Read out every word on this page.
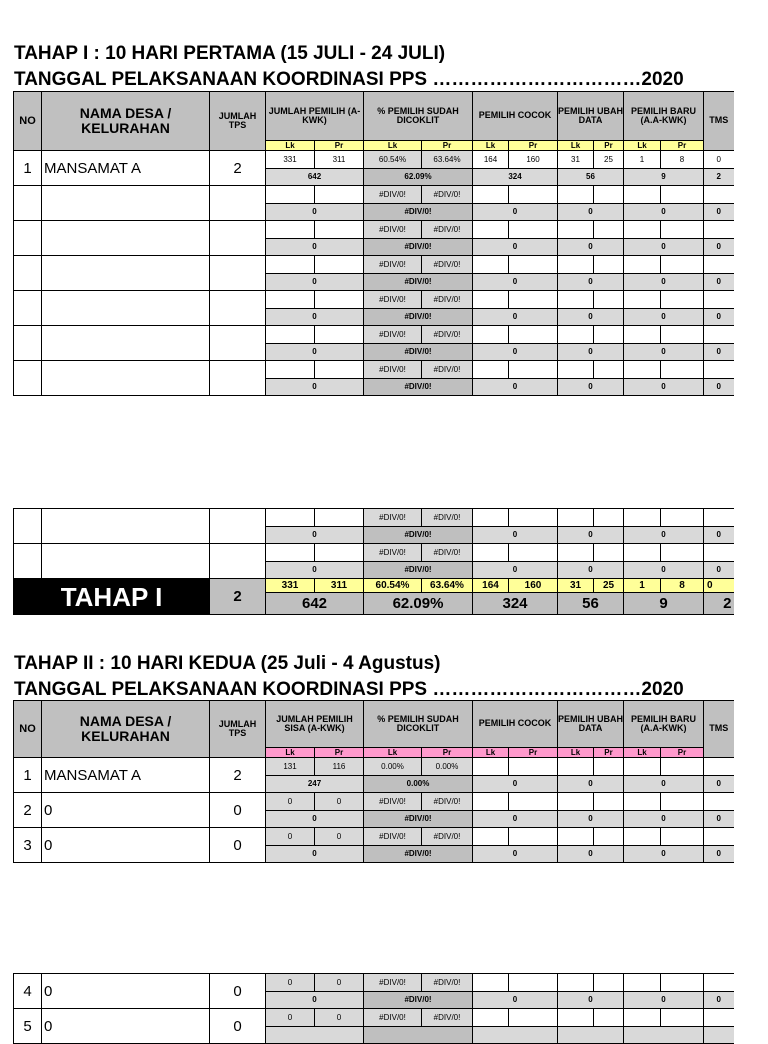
TAHAP I : 10 HARI PERTAMA (15 JULI - 24 JULI)
TANGGAL PELAKSANAAN KOORDINASI PPS ……………………………2020
NO	NAMA DESA / KELURAHAN	JUMLAH TPS	JUMLAH PEMILIH (A-KWK)		% PEMILIH SUDAH DICOKLIT		PEMILIH COCOK		PEMILIH UBAH DATA		PEMILIH BARU (A.A-KWK)		TMS
			Lk	Pr	Lk	Pr	Lk	Pr	Lk	Pr	Lk	Pr	
1	MANSAMAT A	2	331	311	60.54%	63.64%	164	160	31	25	1	8	0
			642		62.09%		324		56		9		2
					#DIV/0!	#DIV/0!							
			0		#DIV/0!		0		0		0		0
					#DIV/0!	#DIV/0!							
			0		#DIV/0!		0		0		0		0
					#DIV/0!	#DIV/0!							
			0		#DIV/0!		0		0		0		0
					#DIV/0!	#DIV/0!							
			0		#DIV/0!		0		0		0		0
					#DIV/0!	#DIV/0!							
			0		#DIV/0!		0		0		0		0
					#DIV/0!	#DIV/0!							
			0		#DIV/0!		0		0		0		0
					#DIV/0!	#DIV/0!							
			0		#DIV/0!		0		0		0		0
					#DIV/0!	#DIV/0!							
			0		#DIV/0!		0		0		0		0
TAHAP I		2	331	311	60.54%	63.64%	164	160	31	25	1	8	0
			642		62.09%		324		56		9		2
TAHAP II : 10 HARI KEDUA (25 Juli - 4 Agustus)
TANGGAL PELAKSANAAN KOORDINASI PPS ……………………………2020
NO	NAMA DESA / KELURAHAN	JUMLAH TPS	JUMLAH PEMILIH SISA (A-KWK)		% PEMILIH SUDAH DICOKLIT		PEMILIH COCOK		PEMILIH UBAH DATA		PEMILIH BARU (A.A-KWK)		TMS
			Lk	Pr	Lk	Pr	Lk	Pr	Lk	Pr	Lk	Pr	
1	MANSAMAT A	2	131	116	0.00%	0.00%							
			247		0.00%		0		0		0		0
2	0	0	0	0	#DIV/0!	#DIV/0!							
			0		#DIV/0!		0		0		0		0
3	0	0	0	0	#DIV/0!	#DIV/0!							
			0		#DIV/0!		0		0		0		0
4	0	0	0	0	#DIV/0!	#DIV/0!							
			0		#DIV/0!		0		0		0		0
5	0	0	0	0	#DIV/0!	#DIV/0!							
